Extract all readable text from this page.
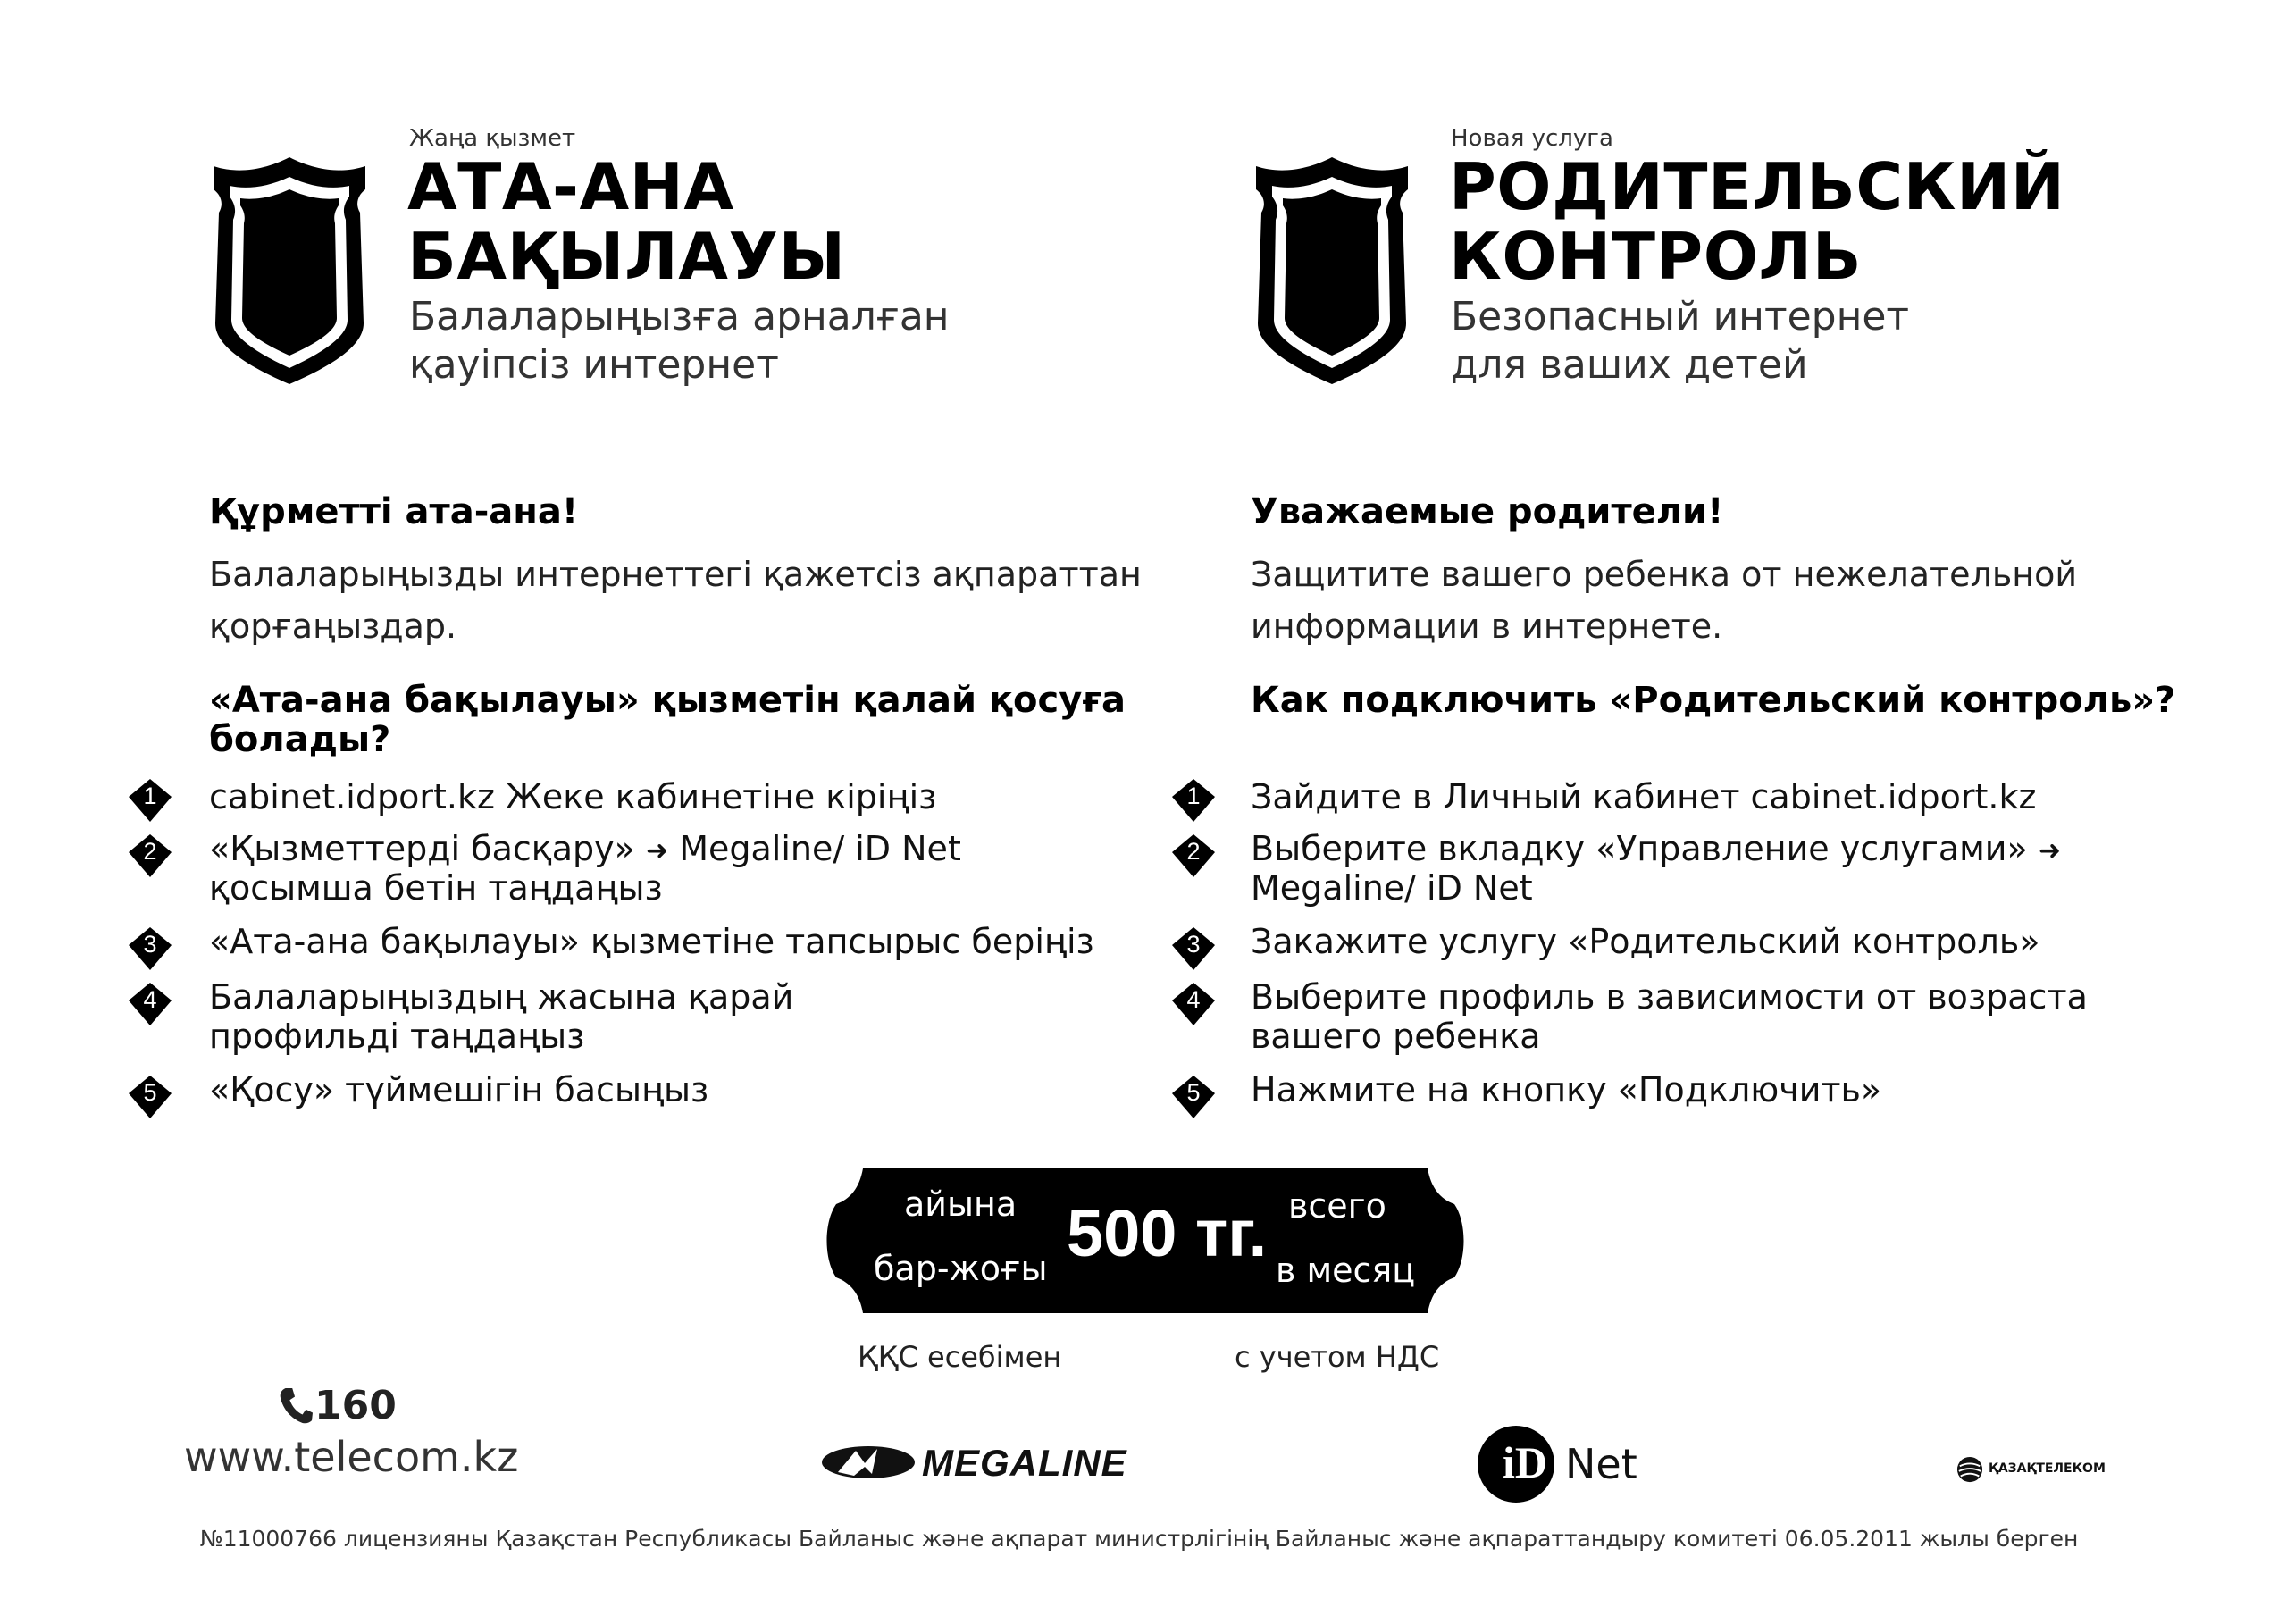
Жаңа қызмет
АТА-АНА
БАҚЫЛАУЫ
Балаларыңызға арналған
қауіпсіз интернет
Новая услуга
РОДИТЕЛЬСКИЙ
КОНТРОЛЬ
Безопасный интернет
для ваших детей
Құрметті ата-ана!
Балаларыңызды интернеттегі қажетсіз ақпараттан
қорғаңыздар.
«Ата-ана бақылауы» қызметін қалай қосуға
болады?
1	cabinet.idport.kz Жеке кабинетіне кіріңіз
2	«Қызметтерді басқару» ➜ Megaline/ iD Net
қосымша бетін таңдаңыз
3	«Ата-ана бақылауы» қызметіне тапсырыс беріңіз
4	Балаларыңыздың жасына қарай
профильді таңдаңыз
5	«Қосу» түймешігін басыңыз
Уважаемые родители!
Защитите вашего ребенка от нежелательной
информации в интернете.
Как подключить «Родительский контроль»?
1	Зайдите в Личный кабинет cabinet.idport.kz
2	Выберите вкладку «Управление услугами» ➜
Megaline/ iD Net
3	Закажите услугу «Родительский контроль»
4	Выберите профиль в зависимости от возраста
вашего ребенка
5	Нажмите на кнопку «Подключить»
айына
бар-жоғы 500 тг. всего
в месяц
ҚҚС есебімен	с учетом НДС
160
www.telecom.kz	MEGALINE	iD Net	ҚАЗАҚТЕЛЕКОМ
№11000766 лицензияны Қазақстан Республикасы Байланыс және ақпарат министрлігінің Байланыс және ақпараттандыру комитеті 06.05.2011 жылы берген
